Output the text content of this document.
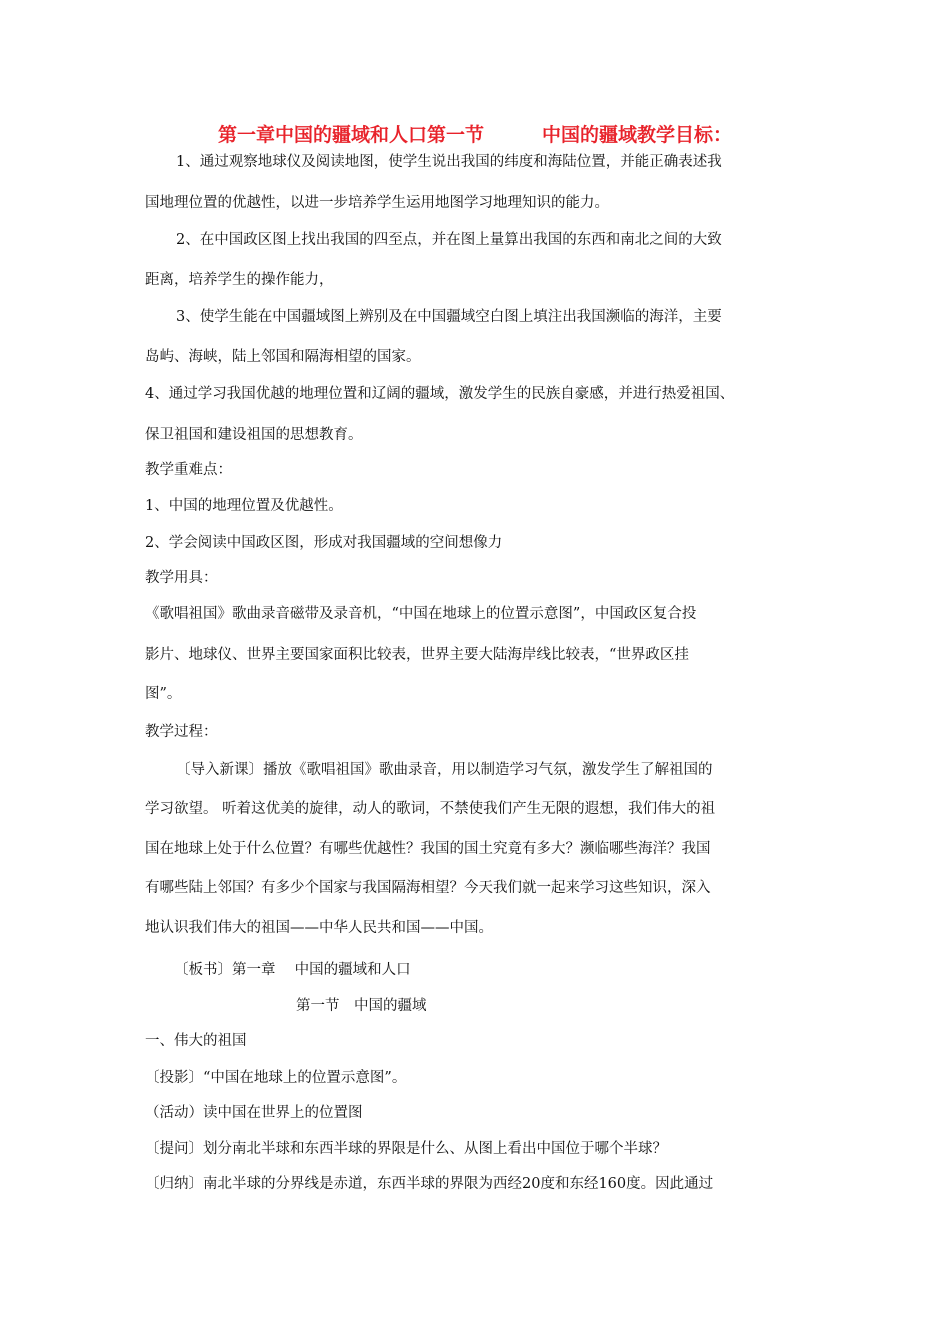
第一章中国的疆域和人口第一节	中国的疆域教学目标：
1、通过观察地球仪及阅读地图，使学生说出我国的纬度和海陆位置，并能正确表述我
国地理位置的优越性，以进一步培养学生运用地图学习地理知识的能力。
2、在中国政区图上找出我国的四至点，并在图上量算出我国的东西和南北之间的大致
距离，培养学生的操作能力，
3、使学生能在中国疆域图上辨别及在中国疆域空白图上填注出我国濒临的海洋，主要
岛屿、海峡，陆上邻国和隔海相望的国家。
4、通过学习我国优越的地理位置和辽阔的疆域，激发学生的民族自豪感，并进行热爱祖国、
保卫祖国和建设祖国的思想教育。
教学重难点：
1、中国的地理位置及优越性。
2、学会阅读中国政区图，形成对我国疆域的空间想像力
教学用具：
《歌唱祖国》歌曲录音磁带及录音机，“中国在地球上的位置示意图”，中国政区复合投
影片、地球仪、世界主要国家面积比较表，世界主要大陆海岸线比较表，“世界政区挂
图”。
教学过程：
〔导入新课〕播放《歌唱祖国》歌曲录音，用以制造学习气氛，激发学生了解祖国的
学习欲望。 听着这优美的旋律，动人的歌词，不禁使我们产生无限的遐想，我们伟大的祖
国在地球上处于什么位置？有哪些优越性？我国的国土究竟有多大？濒临哪些海洋？我国
有哪些陆上邻国？有多少个国家与我国隔海相望？今天我们就一起来学习这些知识，深入
地认识我们伟大的祖国——中华人民共和国——中国。
〔板书〕第一章　 中国的疆域和人口
第一节　中国的疆域
一、伟大的祖国
〔投影〕“中国在地球上的位置示意图”。
（活动）读中国在世界上的位置图
〔提问〕划分南北半球和东西半球的界限是什么、从图上看出中国位于哪个半球？
〔归纳〕南北半球的分界线是赤道，东西半球的界限为西经20度和东经160度。因此通过
